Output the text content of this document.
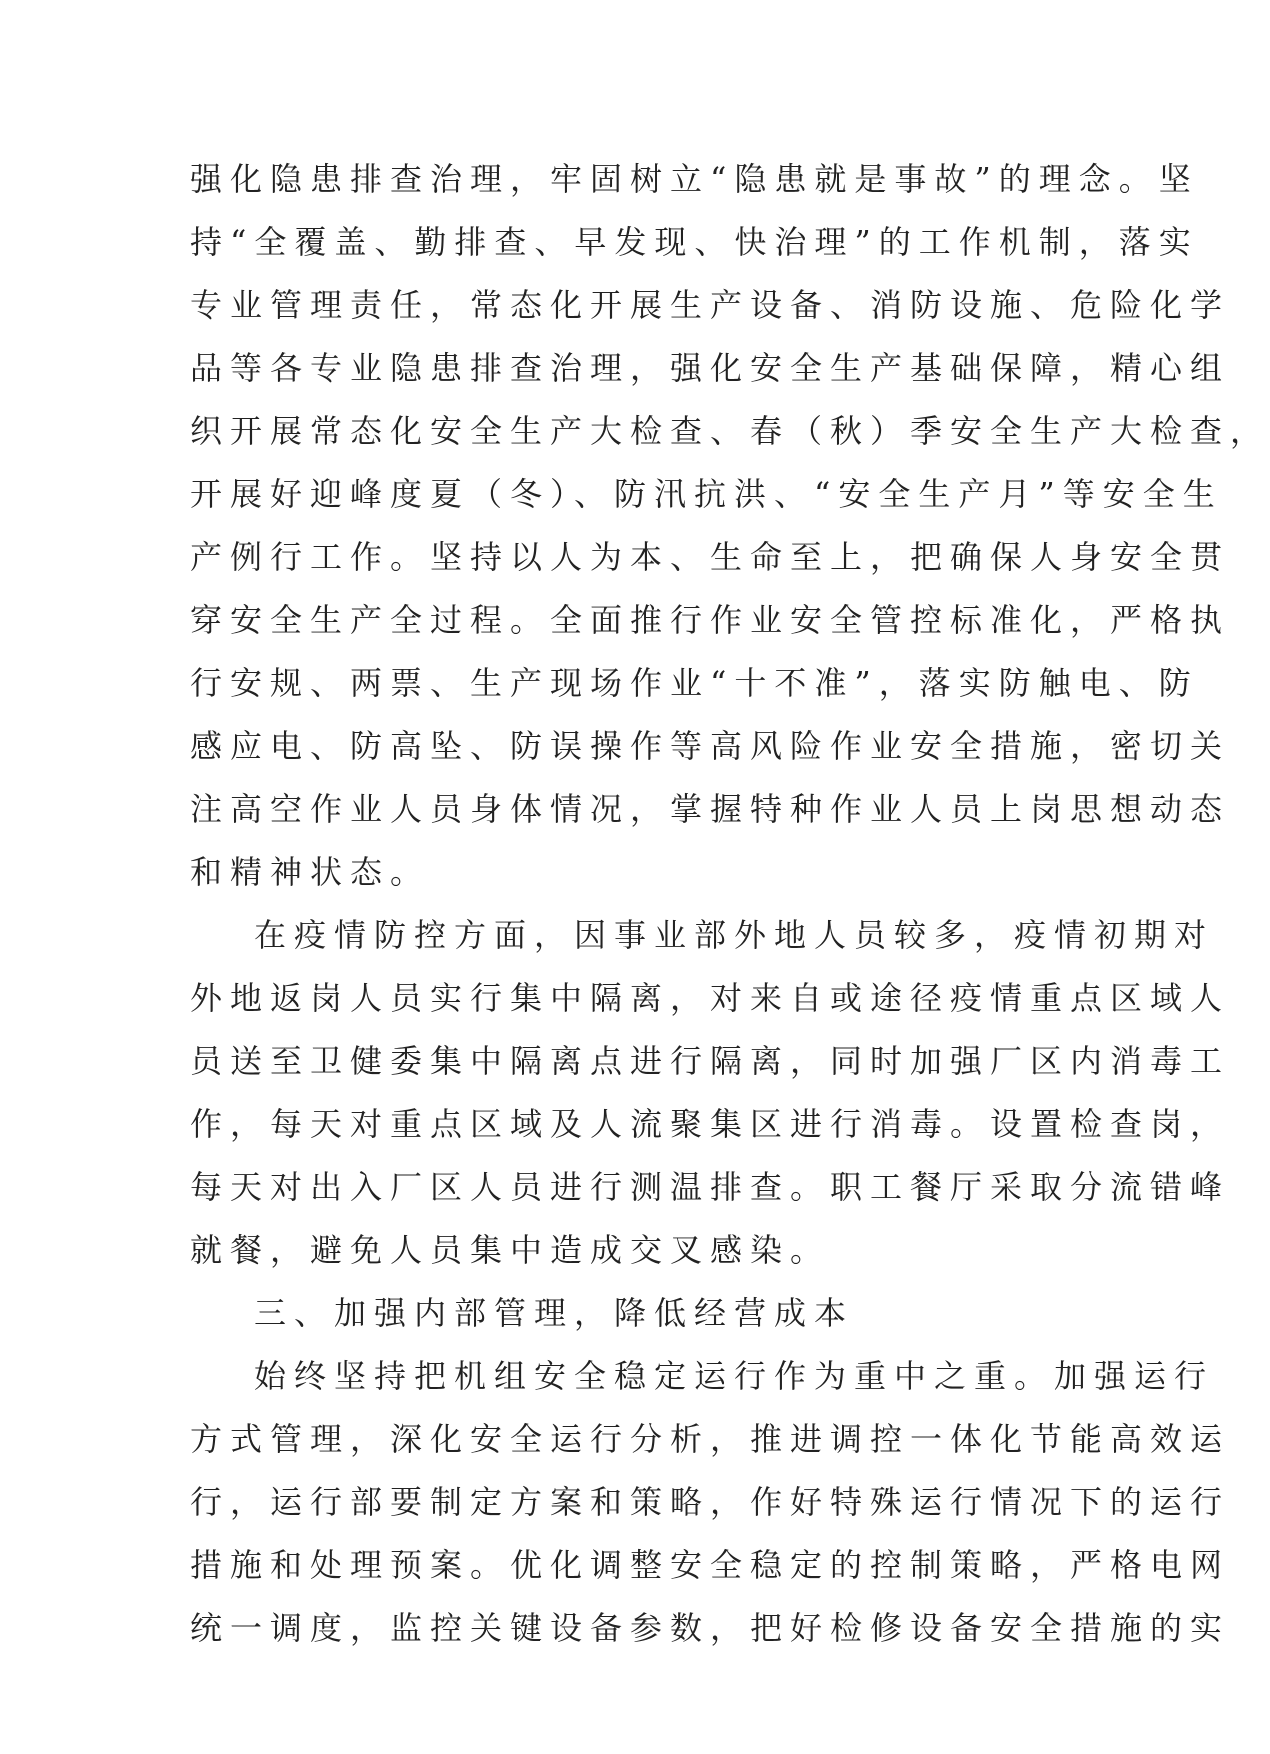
强化隐患排查治理，牢固树立“隐患就是事故”的理念。坚
持“全覆盖、勤排查、早发现、快治理”的工作机制，落实
专业管理责任，常态化开展生产设备、消防设施、危险化学
品等各专业隐患排查治理，强化安全生产基础保障，精心组
织开展常态化安全生产大检查、春（秋）季安全生产大检查，
开展好迎峰度夏（冬）、防汛抗洪、“安全生产月”等安全生
产例行工作。坚持以人为本、生命至上，把确保人身安全贯
穿安全生产全过程。全面推行作业安全管控标准化，严格执
行安规、两票、生产现场作业“十不准”，落实防触电、防
感应电、防高坠、防误操作等高风险作业安全措施，密切关
注高空作业人员身体情况，掌握特种作业人员上岗思想动态
和精神状态。
在疫情防控方面，因事业部外地人员较多，疫情初期对
外地返岗人员实行集中隔离，对来自或途径疫情重点区域人
员送至卫健委集中隔离点进行隔离，同时加强厂区内消毒工
作，每天对重点区域及人流聚集区进行消毒。设置检查岗，
每天对出入厂区人员进行测温排查。职工餐厅采取分流错峰
就餐，避免人员集中造成交叉感染。
三、加强内部管理，降低经营成本
始终坚持把机组安全稳定运行作为重中之重。加强运行
方式管理，深化安全运行分析，推进调控一体化节能高效运
行，运行部要制定方案和策略，作好特殊运行情况下的运行
措施和处理预案。优化调整安全稳定的控制策略，严格电网
统一调度，监控关键设备参数，把好检修设备安全措施的实
